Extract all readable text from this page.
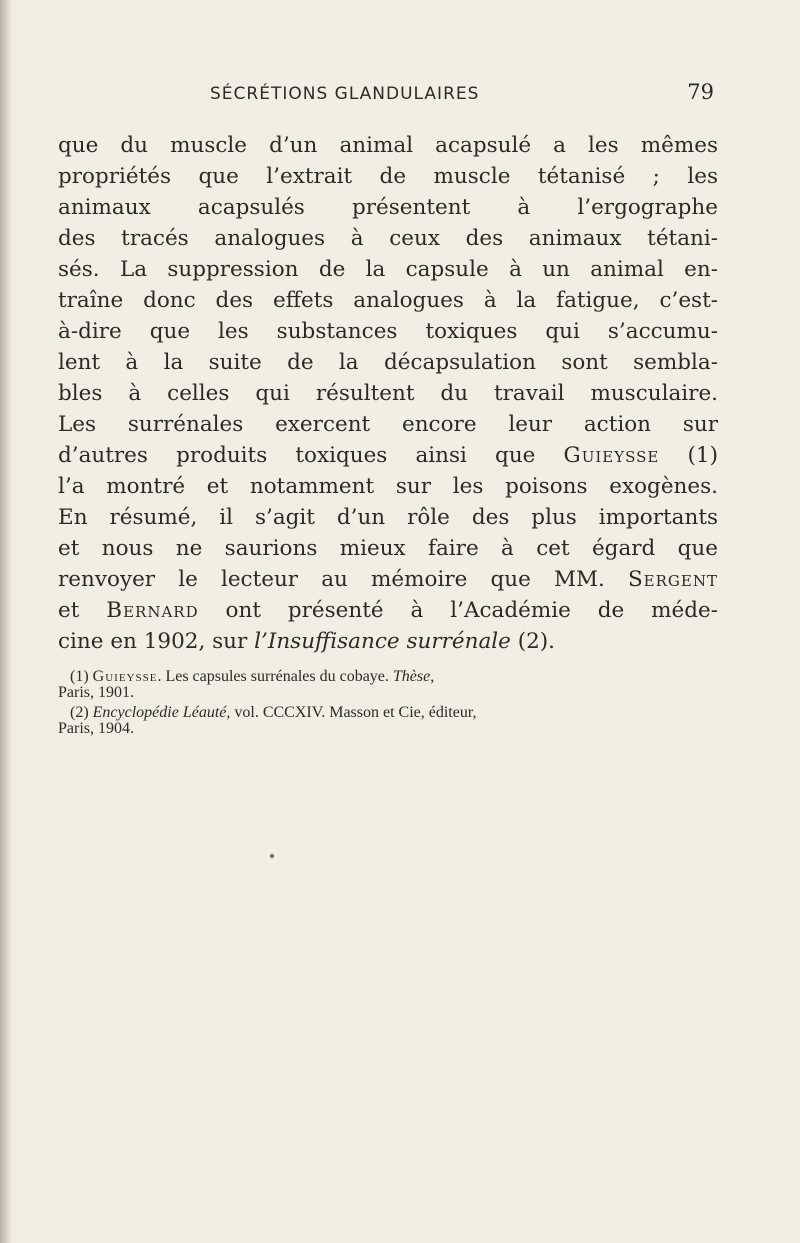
SÉCRÉTIONS GLANDULAIRES	79
que du muscle d’un animal acapsulé a les mêmes
propriétés que l’extrait de muscle tétanisé ; les
animaux acapsulés présentent à l’ergographe
des tracés analogues à ceux des animaux tétani-
sés. La suppression de la capsule à un animal en-
traîne donc des effets analogues à la fatigue, c’est-
à-dire que les substances toxiques qui s’accumu-
lent à la suite de la décapsulation sont sembla-
bles à celles qui résultent du travail musculaire.
Les surrénales exercent encore leur action sur
d’autres produits toxiques ainsi que Guieysse (1)
l’a montré et notamment sur les poisons exogènes.
En résumé, il s’agit d’un rôle des plus importants
et nous ne saurions mieux faire à cet égard que
renvoyer le lecteur au mémoire que MM. Sergent
et Bernard ont présenté à l’Académie de méde-
cine en 1902, sur l’Insuffisance surrénale (2).
(1) Guieysse. Les capsules surrénales du cobaye. Thèse,
Paris, 1901.
(2) Encyclopédie Léauté, vol. CCCXIV. Masson et Cie, éditeur,
Paris, 1904.
